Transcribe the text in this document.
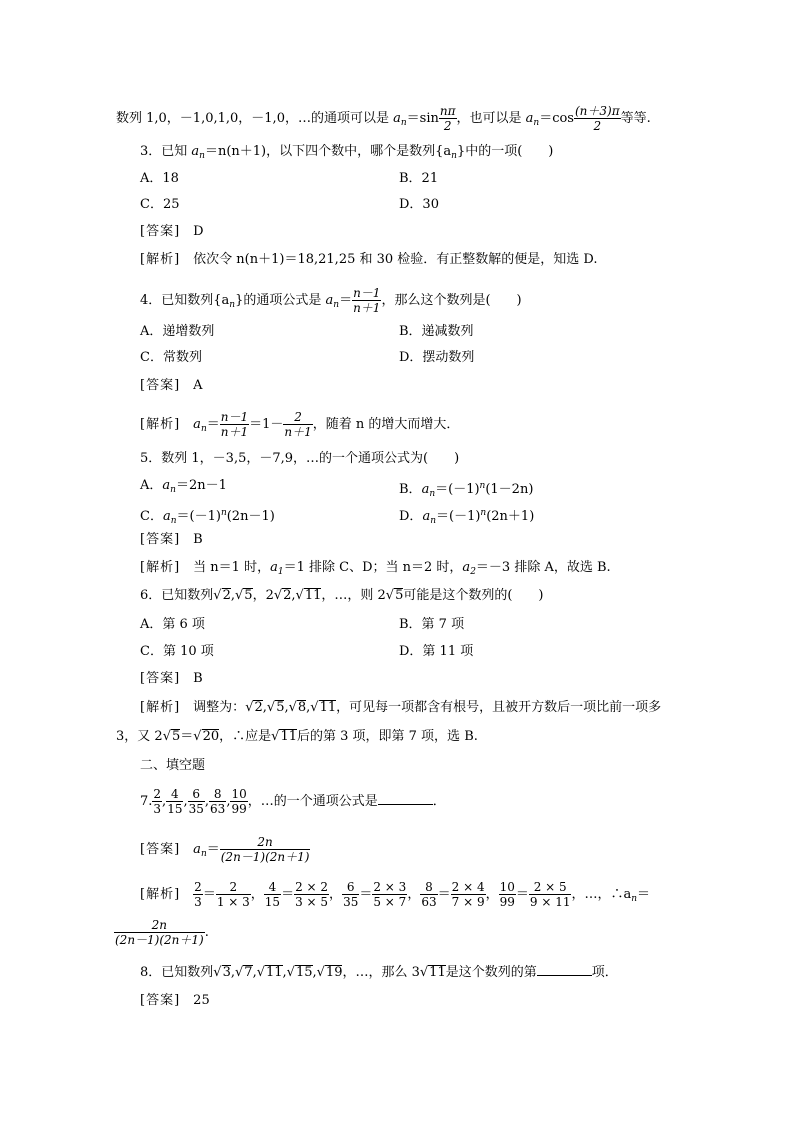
数列 1,0，－1,0,1,0，－1,0，…的通项可以是 $a_n=\sin \frac{n\pi}{2}$ ，也可以是 $a_n=\cos \frac{(n+3)\pi}{2}$ 等等.
3．已知 $a_n=n(n+1)$，以下四个数中，哪个是数列$\{a_n\}$中的一项(　　)
A．18	B．21
C．25	D．30
[答案]　 D
[解析]　 依次令 n(n＋1)＝18,21,25 和 30 检验．有正整数解的便是，知选 D.
4．已知数列$\{a_n\}$的通项公式是 $a_n= \frac{n-1}{n+1}$ ，那么这个数列是(　　)
A．递增数列	B．递减数列
C．常数列	D．摆动数列
[答案]　 A
[解析]　 $a_n= \frac{n-1}{n+1} =1- \frac{2}{n+1}$ ，随着 n 的增大而增大．
5．数列 1，－3,5，－7,9，…的一个通项公式为(　　)
A．$a_n=2n-1$	B．$a_n=(-1)^n(1-2n)$
C．$a_n=(-1)^n(2n-1)$	D．$a_n=(-1)^n(2n+1)$
[答案]　 B
[解析]　 当 n＝1 时，$a_1=1$ 排除 C、D；当 n＝2 时，$a_2=-3$ 排除 A，故选 B.
6．已知数列√2,√5，2√2,√11，…，则 2√5可能是这个数列的(　　)
A．第 6 项	B．第 7 项
C．第 10 项	D．第 11 项
[答案]　 B
[解析]　 调整为：√2,√5,√8,√11，可见每一项都含有根号，且被开方数后一项比前一项多
3，又 2√5＝√20，∴应是√11后的第 3 项，即第 7 项，选 B.
二、填空题
7. $\frac{2}{3}$ , $\frac{4}{15}$ , $\frac{6}{35}$ , $\frac{8}{63}$ , $\frac{10}{99}$ ，…的一个通项公式是	．
[答案]　 $a_n= \frac{2n}{(2n-1)(2n+1)}$
[解析]　 $\frac{2}{3} = \frac{2}{1 \times 3}$ ， $\frac{4}{15} = \frac{2 \times 2}{3 \times 5}$ ， $\frac{6}{35} = \frac{2 \times 3}{5 \times 7}$ ， $\frac{8}{63} = \frac{2 \times 4}{7 \times 9}$ ， $\frac{10}{99} = \frac{2 \times 5}{9 \times 11}$ ，…，$\therefore a_n=$
$\frac{2n}{(2n-1)(2n+1)}$ .
8．已知数列√3,√7,√11,√15,√19，…，那么 3√11是这个数列的第	项．
[答案]　 25
